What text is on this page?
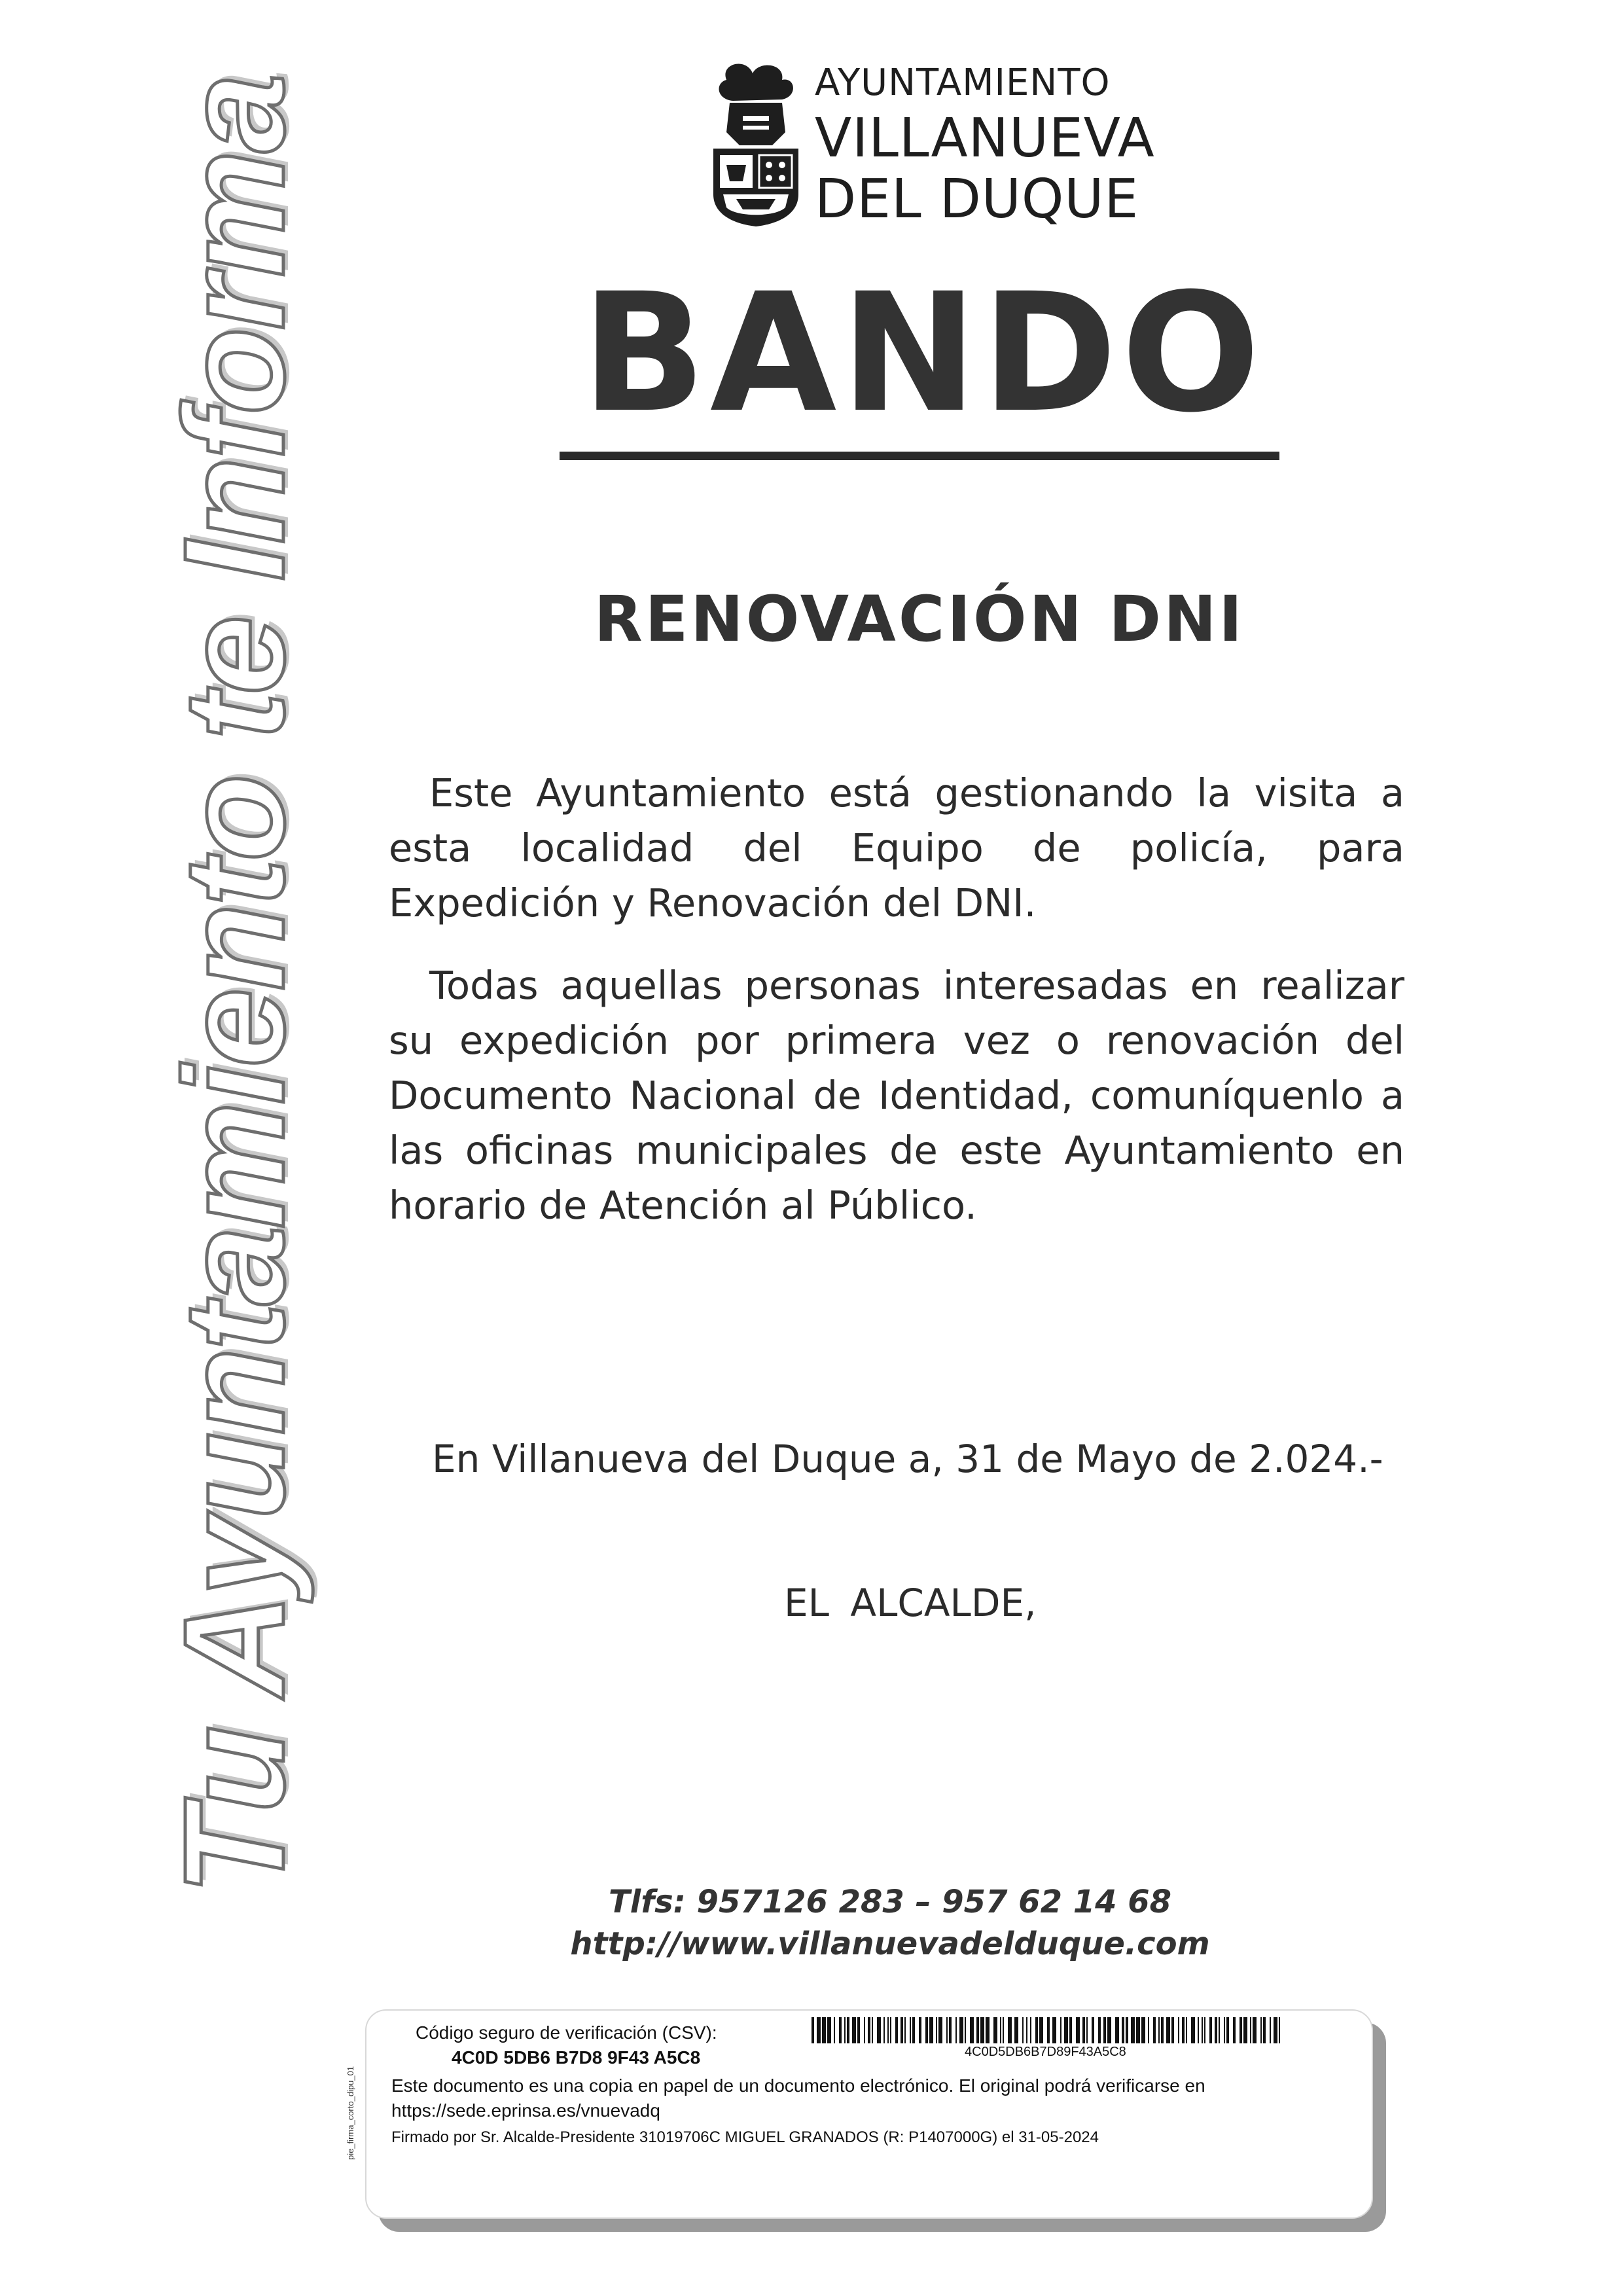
AYUNTAMIENTO
VILLANUEVA
DEL DUQUE
Tu Ayuntamiento te Informa BANDO
RENOVACIÓN DNI

Este Ayuntamiento está gestionando la visita a esta localidad del Equipo de policía, para Expedición y Renovación del DNI.

Todas aquellas personas interesadas en realizar su expedición por primera vez o renovación del Documento Nacional de Identidad, comuníquenlo a las oficinas municipales de este Ayuntamiento en horario de Atención al Público.

En Villanueva del Duque a, 31 de Mayo de 2.024.-
EL ALCALDE,
Tlfs: 957126 283 – 957 62 14 68
http://www.villanuevadelduque.com
Código seguro de verificación (CSV):
4C0D 5DB6 B7D8 9F43 A5C8	4C0D5DB6B7D89F43A5C8
Este documento es una copia en papel de un documento electrónico. El original podrá verificarse en https://sede.eprinsa.es/vnuevadq
Firmado por Sr. Alcalde-Presidente 31019706C MIGUEL GRANADOS (R: P1407000G) el 31-05-2024
pie_firma_corto_dipu_01
